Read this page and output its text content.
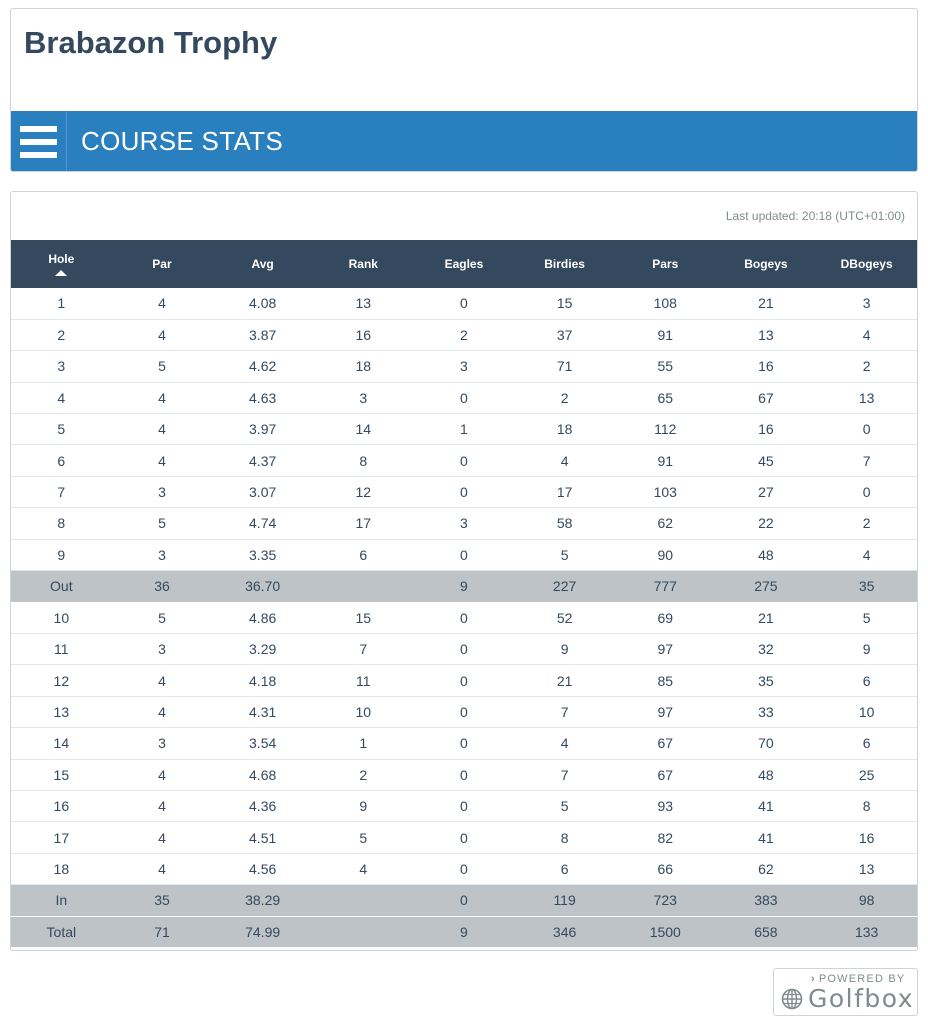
Brabazon Trophy
COURSE STATS
Last updated: 20:18 (UTC+01:00)
Hole	Par	Avg	Rank	Eagles	Birdies	Pars	Bogeys	DBogeys
1	4	4.08	13	0	15	108	21	3
2	4	3.87	16	2	37	91	13	4
3	5	4.62	18	3	71	55	16	2
4	4	4.63	3	0	2	65	67	13
5	4	3.97	14	1	18	112	16	0
6	4	4.37	8	0	4	91	45	7
7	3	3.07	12	0	17	103	27	0
8	5	4.74	17	3	58	62	22	2
9	3	3.35	6	0	5	90	48	4
Out	36	36.70		9	227	777	275	35
10	5	4.86	15	0	52	69	21	5
11	3	3.29	7	0	9	97	32	9
12	4	4.18	11	0	21	85	35	6
13	4	4.31	10	0	7	97	33	10
14	3	3.54	1	0	4	67	70	6
15	4	4.68	2	0	7	67	48	25
16	4	4.36	9	0	5	93	41	8
17	4	4.51	5	0	8	82	41	16
18	4	4.56	4	0	6	66	62	13
In	35	38.29		0	119	723	383	98
Total	71	74.99		9	346	1500	658	133
› POWERED BY
Golfbox
